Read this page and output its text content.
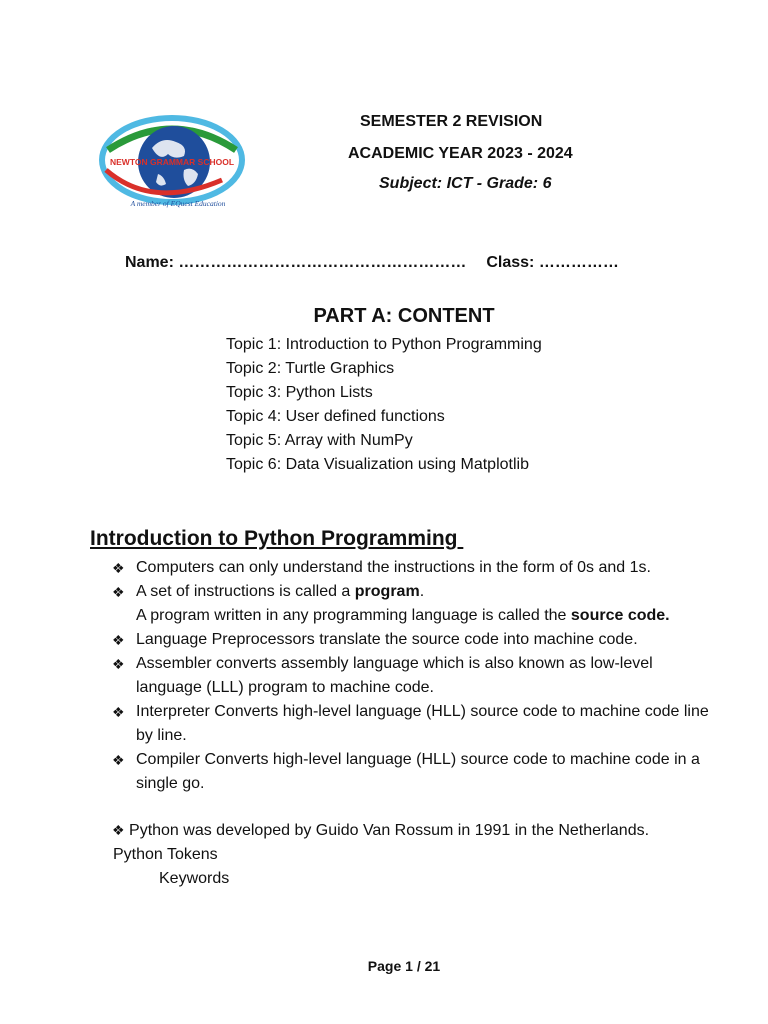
NEWTON GRAMMAR SCHOOL
A member of EQuest Education
SEMESTER 2 REVISION
ACADEMIC YEAR 2023 - 2024
Subject: ICT - Grade: 6
Name: ……………………………………………… Class: ……………
PART A: CONTENT
Topic 1: Introduction to Python Programming
Topic 2: Turtle Graphics
Topic 3: Python Lists
Topic 4: User defined functions
Topic 5: Array with NumPy
Topic 6: Data Visualization using Matplotlib
Introduction to Python Programming
❖ Computers can only understand the instructions in the form of 0s and 1s.
❖ A set of instructions is called a program.
A program written in any programming language is called the source code.
❖ Language Preprocessors translate the source code into machine code.
❖ Assembler converts assembly language which is also known as low-level language (LLL) program to machine code.
❖ Interpreter Converts high-level language (HLL) source code to machine code line by line.
❖ Compiler Converts high-level language (HLL) source code to machine code in a single go.
❖ Python was developed by Guido Van Rossum in 1991 in the Netherlands.
Python Tokens
Keywords
Page 1 / 21
